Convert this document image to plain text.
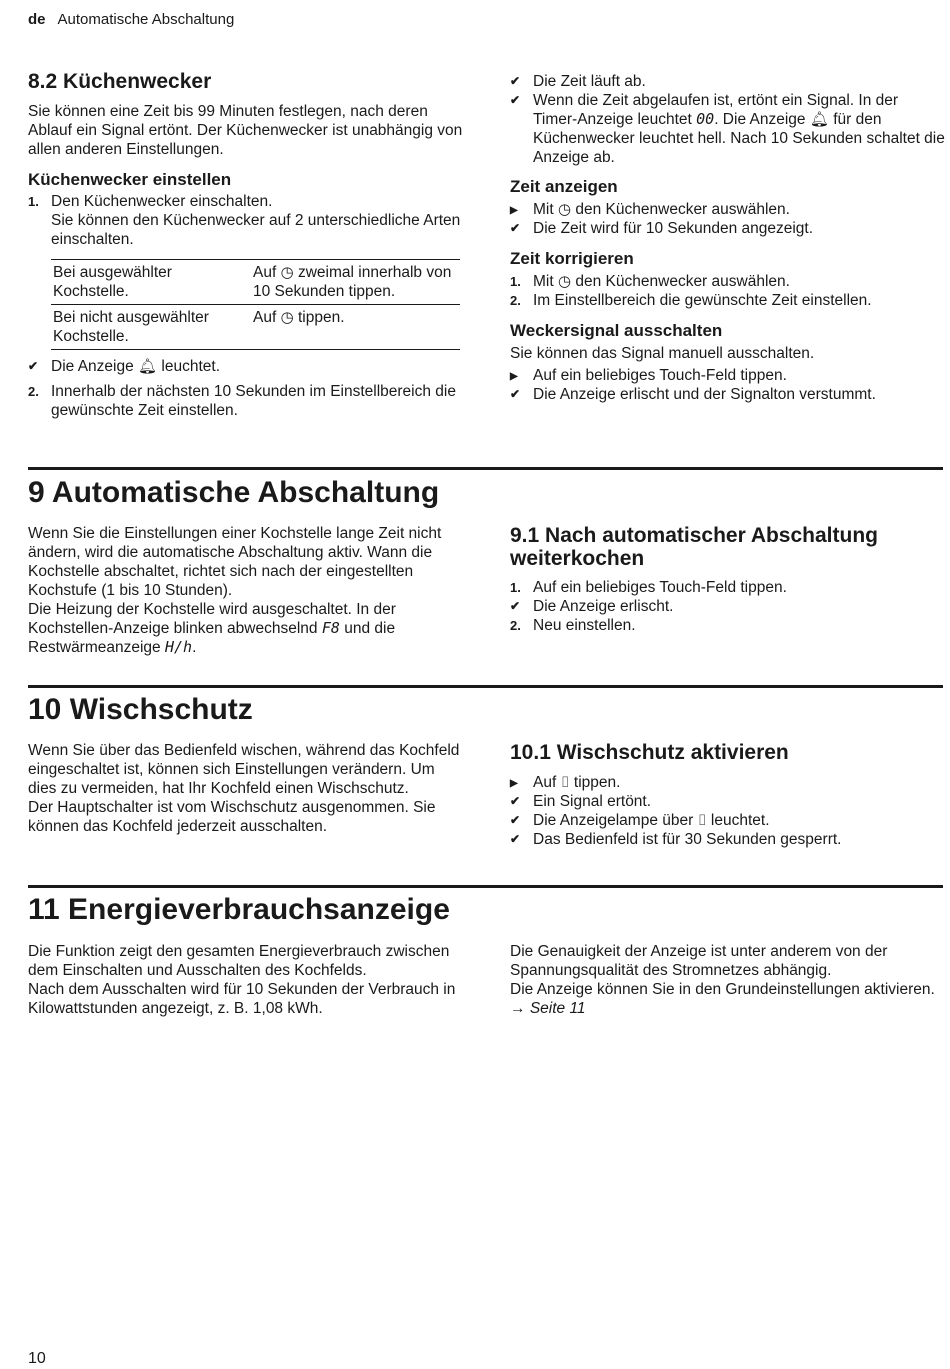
de Automatische Abschaltung
8.2 Küchenwecker

Sie können eine Zeit bis 99 Minuten festlegen, nach deren Ablauf ein Signal ertönt. Der Küchenwecker ist unabhängig von allen anderen Einstellungen.

Küchenwecker einstellen
1. Den Küchenwecker einschalten.
Sie können den Küchenwecker auf 2 unterschiedliche Arten einschalten.
Bei ausgewählter Kochstelle.	Auf ◷ zweimal innerhalb von 10 Sekunden tippen.
Bei nicht ausgewählter Kochstelle.	Auf ◷ tippen.
✔ Die Anzeige 🔔︎ leuchtet.
2. Innerhalb der nächsten 10 Sekunden im Einstellbereich die gewünschte Zeit einstellen.
✔ Die Zeit läuft ab.
✔ Wenn die Zeit abgelaufen ist, ertönt ein Signal. In der Timer-Anzeige leuchtet 00. Die Anzeige 🔔︎ für den Küchenwecker leuchtet hell. Nach 10 Sekunden schaltet die Anzeige ab.
Zeit anzeigen
▶ Mit ◷ den Küchenwecker auswählen.
✔ Die Zeit wird für 10 Sekunden angezeigt.
Zeit korrigieren
1. Mit ◷ den Küchenwecker auswählen.
2. Im Einstellbereich die gewünschte Zeit einstellen.
Weckersignal ausschalten

Sie können das Signal manuell ausschalten.

▶ Auf ein beliebiges Touch-Feld tippen.
✔ Die Anzeige erlischt und der Signalton verstummt.
9 Automatische Abschaltung

Wenn Sie die Einstellungen einer Kochstelle lange Zeit nicht ändern, wird die automatische Abschaltung aktiv. Wann die Kochstelle abschaltet, richtet sich nach der eingestellten Kochstufe (1 bis 10 Stunden).

Die Heizung der Kochstelle wird ausgeschaltet. In der Kochstellen-Anzeige blinken abwechselnd F8 und die Restwärmeanzeige H/h.

9.1 Nach automatischer Abschaltung weiterkochen
1. Auf ein beliebiges Touch-Feld tippen.
✔ Die Anzeige erlischt.
2. Neu einstellen.
10 Wischschutz

Wenn Sie über das Bedienfeld wischen, während das Kochfeld eingeschaltet ist, können sich Einstellungen verändern. Um dies zu vermeiden, hat Ihr Kochfeld einen Wischschutz.

Der Hauptschalter ist vom Wischschutz ausgenommen. Sie können das Kochfeld jederzeit ausschalten.

10.1 Wischschutz aktivieren
▶ Auf ⌷ tippen.
✔ Ein Signal ertönt.
✔ Die Anzeigelampe über ⌷ leuchtet.
✔ Das Bedienfeld ist für 30 Sekunden gesperrt.
11 Energieverbrauchsanzeige

Die Funktion zeigt den gesamten Energieverbrauch zwischen dem Einschalten und Ausschalten des Kochfelds.

Nach dem Ausschalten wird für 10 Sekunden der Verbrauch in Kilowattstunden angezeigt, z. B. 1,08 kWh.

Die Genauigkeit der Anzeige ist unter anderem von der Spannungsqualität des Stromnetzes abhängig.

Die Anzeige können Sie in den Grundeinstellungen aktivieren. → Seite 11

10
